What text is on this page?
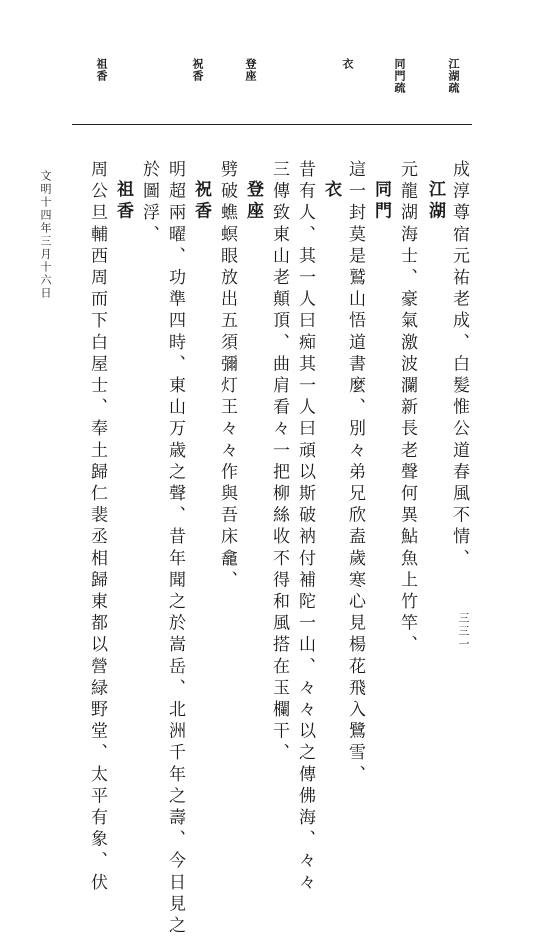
江湖疏
同門疏
衣
登座
祝香
祖香
成淳尊宿元祐老成、白髪惟公道春風不情、
江湖
元龍湖海士、豪氣激波瀾新長老聲何異鮎魚上竹竿、
同門
這一封莫是鷲山悟道書麼、別々弟兄欣盍歲寒心見楊花飛入鷺雪、
衣
昔有人、其一人曰痴其一人曰頑以斯破衲付補陀一山、々々以之傳佛海、々々
三傳致東山老顛頂、曲肩看々一把柳絲收不得和風搭在玉欄干、
登座
劈破蟭螟眼放出五須彌灯王々々作與吾床龕、
祝香
明超兩曜、功準四時、東山万歳之聲、昔年聞之於嵩岳、北洲千年之壽、今日見之
於圖浮、
祖香
周公旦輔西周而下白屋士、奉土歸仁裴丞相歸東都以營緑野堂、太平有象、伏
文明十四年三月十六日
三三一
